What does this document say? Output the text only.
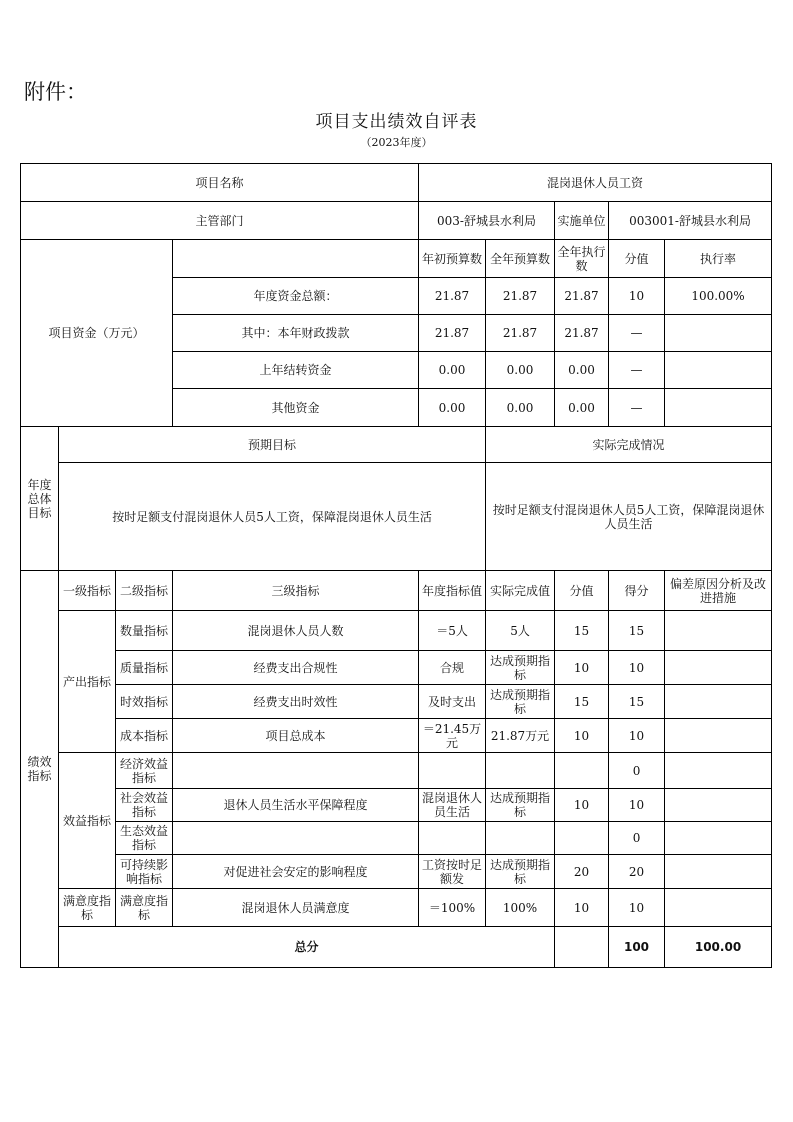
附件：
项目支出绩效自评表
（2023年度）
项目名称				混岗退休人员工资					
主管部门				003-舒城县水利局		实施单位	003001-舒城县水利局		
项目资金（万元）				年初预算数	全年预算数	全年执行数	分值	执行率	
			年度资金总额：	21.87	21.87	21.87	10	100.00%	
			其中：本年财政拨款	21.87	21.87	21.87	—		
			上年结转资金	0.00	0.00	0.00	—		
			其他资金	0.00	0.00	0.00	—		
年度总体目标	预期目标				实际完成情况				
	按时足额支付混岗退休人员5人工资，保障混岗退休人员生活				按时足额支付混岗退休人员5人工资，保障混岗退休人员生活				
绩效指标	一级指标	二级指标	三级指标	年度指标值	实际完成值	分值	得分	偏差原因分析及改进措施	
	产出指标	数量指标	混岗退休人员人数	＝5人	5人	15	15		
		质量指标	经费支出合规性	合规	达成预期指标	10	10		
		时效指标	经费支出时效性	及时支出	达成预期指标	15	15		
		成本指标	项目总成本	＝21.45万元	21.87万元	10	10		
	效益指标	经济效益指标					0		
		社会效益指标	退休人员生活水平保障程度	混岗退休人员生活	达成预期指标	10	10		
		生态效益指标					0		
		可持续影响指标	对促进社会安定的影响程度	工资按时足额发	达成预期指标	20	20		
	满意度指标	满意度指标	混岗退休人员满意度	＝100%	100%	10	10		
	总分						100	100.00	
